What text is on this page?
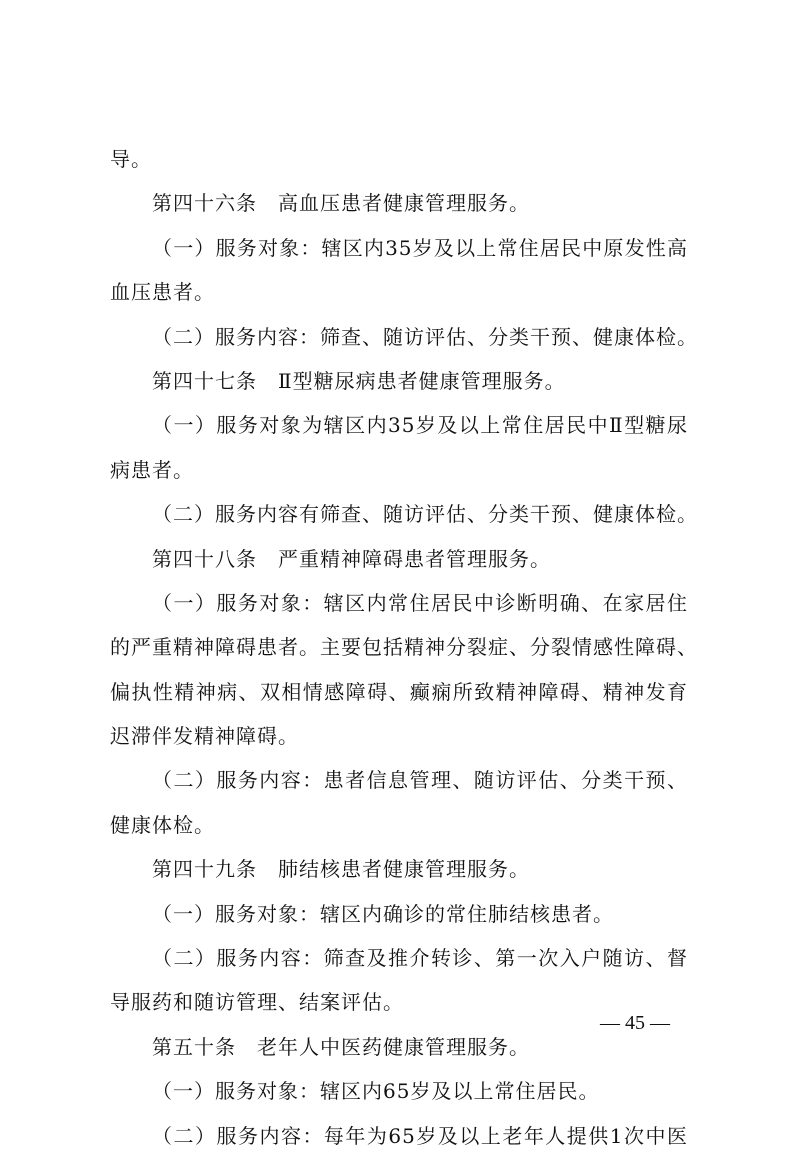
导。
第四十六条　高血压患者健康管理服务。
（一）服务对象：辖区内35岁及以上常住居民中原发性高
血压患者。
（二）服务内容：筛查、随访评估、分类干预、健康体检。
第四十七条　Ⅱ型糖尿病患者健康管理服务。
（一）服务对象为辖区内35岁及以上常住居民中Ⅱ型糖尿
病患者。
（二）服务内容有筛查、随访评估、分类干预、健康体检。
第四十八条　严重精神障碍患者管理服务。
（一）服务对象：辖区内常住居民中诊断明确、在家居住
的严重精神障碍患者。主要包括精神分裂症、分裂情感性障碍、
偏执性精神病、双相情感障碍、癫痫所致精神障碍、精神发育
迟滞伴发精神障碍。
（二）服务内容：患者信息管理、随访评估、分类干预、
健康体检。
第四十九条　肺结核患者健康管理服务。
（一）服务对象：辖区内确诊的常住肺结核患者。
（二）服务内容：筛查及推介转诊、第一次入户随访、督
导服药和随访管理、结案评估。
第五十条　老年人中医药健康管理服务。
（一）服务对象：辖区内65岁及以上常住居民。
（二）服务内容：每年为65岁及以上老年人提供1次中医
— 45 —
